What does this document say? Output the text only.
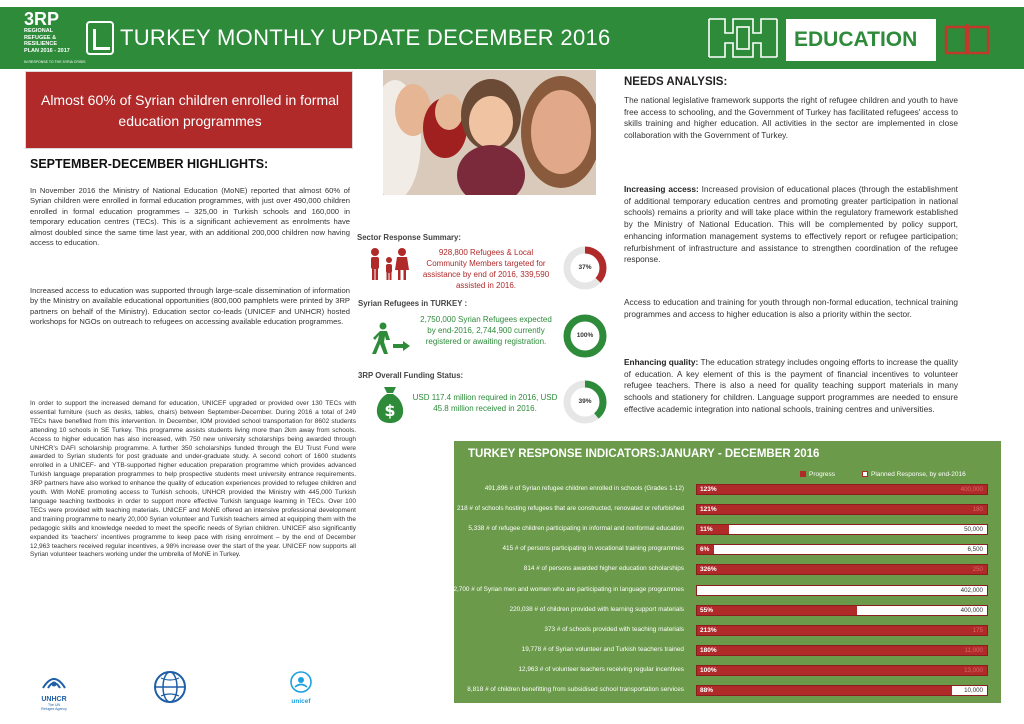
3RP
REGIONAL
REFUGEE &
RESILIENCE
PLAN 2016 - 2017
IN RESPONSE TO THE SYRIA CRISIS
TURKEY MONTHLY UPDATE DECEMBER 2016	EDUCATION
Almost 60% of Syrian children enrolled in formal education programmes
SEPTEMBER-DECEMBER HIGHLIGHTS:
In November 2016 the Ministry of National Education (MoNE) reported that almost 60% of Syrian children were enrolled in formal education programmes, with just over 490,000 children enrolled in formal education programmes – 325,00 in Turkish schools and 160,000 in temporary education centres (TECs). This is a significant achievement as enrolments have almost doubled since the same time last year, with an additional 200,000 children now having access to education.
Increased access to education was supported through large-scale dissemination of information by the Ministry on available educational opportunities (800,000 pamphlets were printed by 3RP partners on behalf of the Ministry). Education sector co-leads (UNICEF and UNHCR) hosted workshops for NGOs on outreach to refugees on accessing available education programmes.
In order to support the increased demand for education, UNICEF upgraded or provided over 130 TECs with essential furniture (such as desks, tables, chairs) between September-December. During 2016 a total of 249 TECs have benefited from this intervention. In December, IOM provided school transportation for 8602 students attending 10 schools in SE Turkey. This programme assists students living more than 2km away from schools. Access to higher education has also increased, with 750 new university scholarships being awarded through UNHCR's DAFI scholarship programme. A further 350 scholarships funded through the EU Trust Fund were awarded to Syrian students for post graduate and under-graduate study. A second cohort of 1600 students enrolled in a UNICEF- and YTB-supported higher education preparation programme which provides advanced Turkish language preparation programmes to help prospective students meet university entrance requirements. 3RP partners have also worked to enhance the quality of education experiences provided to refugee children and youth. With MoNE promoting access to Turkish schools, UNHCR provided the Ministry with 445,000 Turkish language teaching textbooks in order to support more effective Turkish language learning in TECs. Over 100 TECs were provided with teaching materials. UNICEF and MoNE offered an intensive professional development and training programme to nearly 20,000 Syrian volunteer and Turkish teachers aimed at equipping them with the pedagogic skills and knowledge needed to meet the specific needs of Syrian children. UNICEF also significantly expanded its 'teachers' incentives programme to keep pace with rising enrolment – by the end of December 12,963 teachers received regular incentives, a 98% increase over the start of the year. UNICEF now supports all Syrian volunteer teachers working under the umbrella of MoNE in Turkey.
Sector Response Summary:
928,800 Refugees & Local Community Members targeted for assistance by end of 2016, 339,590 assisted in 2016.
37%
Syrian Refugees in TURKEY :
2,750,000 Syrian Refugees expected by end-2016, 2,744,900 currently registered or awaiting registration.
100%
3RP Overall Funding Status:
$
USD 117.4 million required in 2016, USD 45.8 million received in 2016.
39%
NEEDS ANALYSIS:
The national legislative framework supports the right of refugee children and youth to have free access to schooling, and the Government of Turkey has facilitated refugees' access to skills training and higher education. All activities in the sector are implemented in close collaboration with the Government of Turkey.
Increasing access: Increased provision of educational places (through the establishment of additional temporary education centres and promoting greater participation in national schools) remains a priority and will take place within the regulatory framework established by the Ministry of National Education. This will be complemented by policy support, enhancing information management systems to effectively report or refugee participation; refurbishment of infrastructure and assistance to strengthen coordination of the refugee response.
Access to education and training for youth through non-formal education, technical training programmes and access to higher education is also a priority within the sector.
Enhancing quality: The education strategy includes ongoing efforts to increase the quality of education. A key element of this is the payment of financial incentives to volunteer refugee teachers. There is also a need for quality teaching support materials in many schools and stationery for children. Language support programmes are needed to ensure effective academic integration into national schools, training centres and universities.
TURKEY RESPONSE INDICATORS:JANUARY - DECEMBER 2016
Progress	Planned Response, by end-2016
491,896 # of Syrian refugee children enrolled in schools (Grades 1-12) 123%	400,000
218 # of schools hosting refugees that are constructed, renovated or refurbished 121%	180
5,338 # of refugee children participating in informal and nonformal education 11%	50,000
415 # of persons participating in vocational training programmes 6%	6,500
814 # of persons awarded higher education scholarships 326%	250
2,700 # of Syrian men and women who are participating in language programmes	402,000
220,038 # of children provided with learning support materials 55%	400,000
373 # of schools provided with teaching materials 213%	175
19,778 # of Syrian volunteer and Turkish teachers trained 180%	11,000
12,963 # of volunteer teachers receiving regular incentives 100%	13,000
8,818 # of children benefitting from subsidised school transportation services 88%	10,000
UNHCR
The UN
Refugee Agency
unicef
